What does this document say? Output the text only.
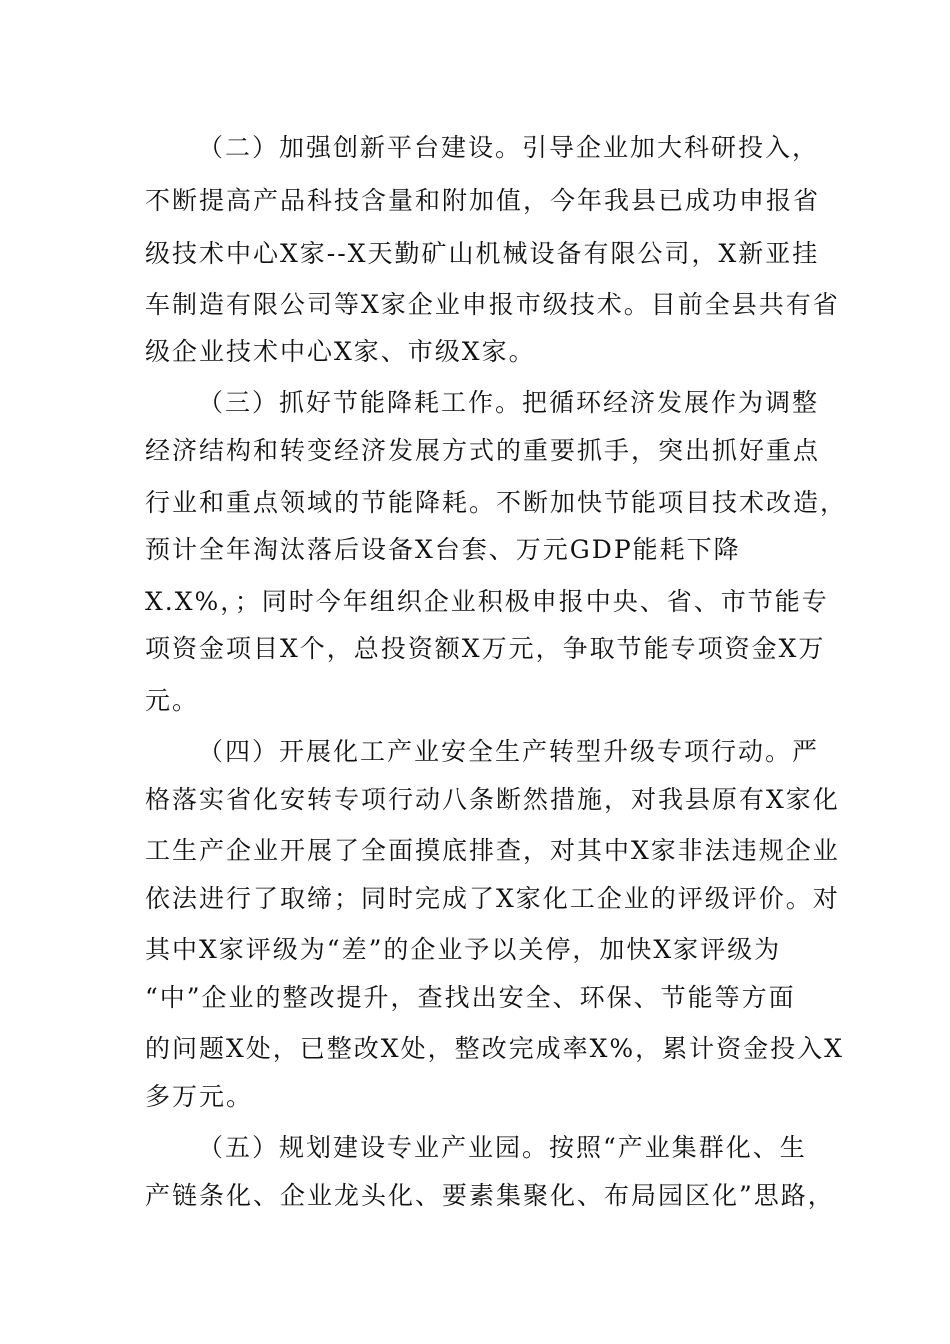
（二）加强创新平台建设。引导企业加大科研投入，
不断提高产品科技含量和附加值，今年我县已成功申报省
级技术中心X家--X天勤矿山机械设备有限公司，X新亚挂
车制造有限公司等X家企业申报市级技术。目前全县共有省
级企业技术中心X家、市级X家。
（三）抓好节能降耗工作。把循环经济发展作为调整
经济结构和转变经济发展方式的重要抓手，突出抓好重点
行业和重点领域的节能降耗。不断加快节能项目技术改造，
预计全年淘汰落后设备X台套、万元GDP能耗下降
X.X%，；同时今年组织企业积极申报中央、省、市节能专
项资金项目X个，总投资额X万元，争取节能专项资金X万
元。
（四）开展化工产业安全生产转型升级专项行动。严
格落实省化安转专项行动八条断然措施，对我县原有X家化
工生产企业开展了全面摸底排查，对其中X家非法违规企业
依法进行了取缔；同时完成了X家化工企业的评级评价。对
其中X家评级为“差”的企业予以关停，加快X家评级为
“中”企业的整改提升，查找出安全、环保、节能等方面
的问题X处，已整改X处，整改完成率X%，累计资金投入X
多万元。
（五）规划建设专业产业园。按照“产业集群化、生
产链条化、企业龙头化、要素集聚化、布局园区化”思路，
